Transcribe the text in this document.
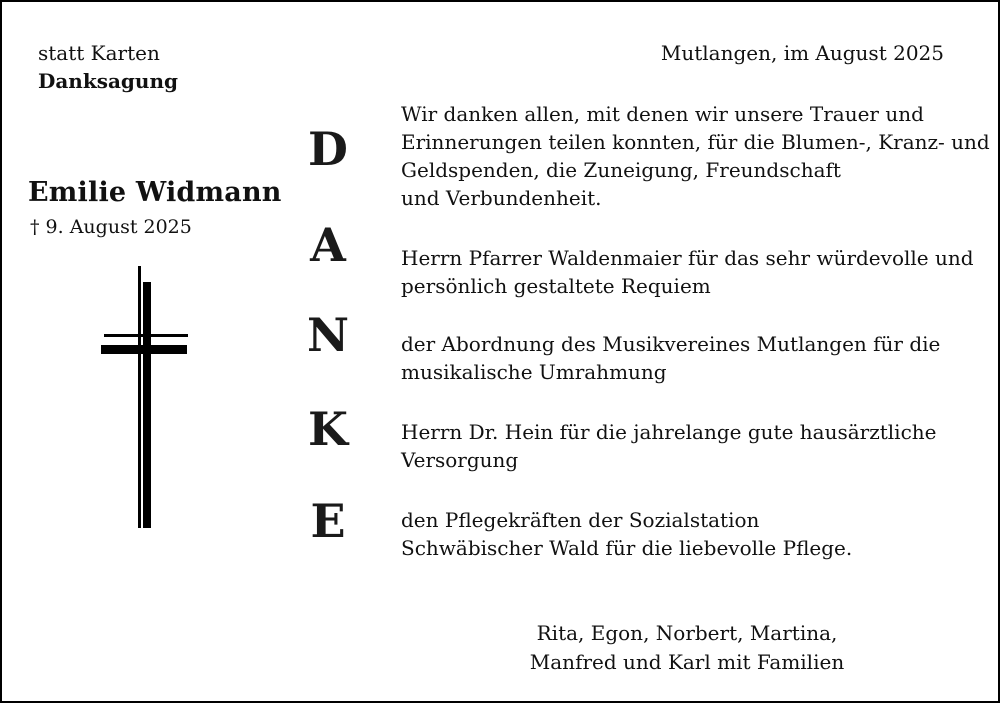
statt Karten
Danksagung
Mutlangen, im August 2025
Emilie Widmann
† 9. August 2025
D
A
N
K
E
Wir danken allen, mit denen wir unsere Trauer und
Erinnerungen teilen konnten, für die Blumen-, Kranz- und
Geldspenden, die Zuneigung, Freundschaft
und Verbundenheit.
Herrn Pfarrer Waldenmaier für das sehr würdevolle und
persönlich gestaltete Requiem
der Abordnung des Musikvereines Mutlangen für die
musikalische Umrahmung
Herrn Dr. Hein für die jahrelange gute hausärztliche
Versorgung
den Pflegekräften der Sozialstation
Schwäbischer Wald für die liebevolle Pflege.
Rita, Egon, Norbert, Martina,
Manfred und Karl mit Familien
